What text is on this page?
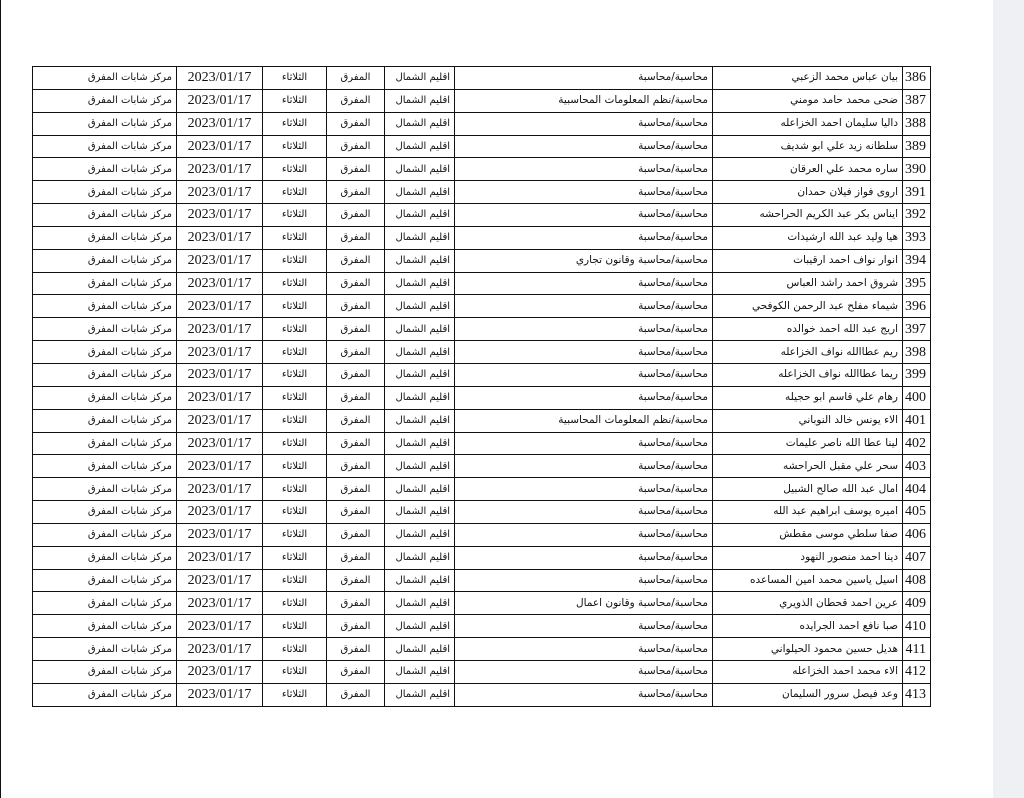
386	بيان عباس محمد الزعبي	محاسبة/محاسبة	اقليم الشمال	المفرق	الثلاثاء	2023/01/17	مركز شابات المفرق
387	ضحى محمد حامد مومني	محاسبة/نظم المعلومات المحاسبية	اقليم الشمال	المفرق	الثلاثاء	2023/01/17	مركز شابات المفرق
388	داليا سليمان احمد الخزاعله	محاسبة/محاسبة	اقليم الشمال	المفرق	الثلاثاء	2023/01/17	مركز شابات المفرق
389	سلطانه زيد علي ابو شديف	محاسبة/محاسبة	اقليم الشمال	المفرق	الثلاثاء	2023/01/17	مركز شابات المفرق
390	ساره محمد علي العرقان	محاسبة/محاسبة	اقليم الشمال	المفرق	الثلاثاء	2023/01/17	مركز شابات المفرق
391	اروى فواز فيلان حمدان	محاسبة/محاسبة	اقليم الشمال	المفرق	الثلاثاء	2023/01/17	مركز شابات المفرق
392	ايناس بكر عبد الكريم الحراحشه	محاسبة/محاسبة	اقليم الشمال	المفرق	الثلاثاء	2023/01/17	مركز شابات المفرق
393	هيا وليد عبد الله ارشيدات	محاسبة/محاسبة	اقليم الشمال	المفرق	الثلاثاء	2023/01/17	مركز شابات المفرق
394	انوار نواف احمد ارقيبات	محاسبة/محاسبة وقانون تجاري	اقليم الشمال	المفرق	الثلاثاء	2023/01/17	مركز شابات المفرق
395	شروق احمد راشد العباس	محاسبة/محاسبة	اقليم الشمال	المفرق	الثلاثاء	2023/01/17	مركز شابات المفرق
396	شيماء مفلح عبد الرحمن الكوفحي	محاسبة/محاسبة	اقليم الشمال	المفرق	الثلاثاء	2023/01/17	مركز شابات المفرق
397	اريج عبد الله احمد خوالده	محاسبة/محاسبة	اقليم الشمال	المفرق	الثلاثاء	2023/01/17	مركز شابات المفرق
398	ريم عطاالله نواف الخزاعله	محاسبة/محاسبة	اقليم الشمال	المفرق	الثلاثاء	2023/01/17	مركز شابات المفرق
399	ريما عطاالله نواف الخزاعله	محاسبة/محاسبة	اقليم الشمال	المفرق	الثلاثاء	2023/01/17	مركز شابات المفرق
400	رهام علي قاسم ابو حجيله	محاسبة/محاسبة	اقليم الشمال	المفرق	الثلاثاء	2023/01/17	مركز شابات المفرق
401	الاء يونس خالد النوباني	محاسبة/نظم المعلومات المحاسبية	اقليم الشمال	المفرق	الثلاثاء	2023/01/17	مركز شابات المفرق
402	لينا عطا الله ناصر عليمات	محاسبة/محاسبة	اقليم الشمال	المفرق	الثلاثاء	2023/01/17	مركز شابات المفرق
403	سحر علي مقبل الحراحشه	محاسبة/محاسبة	اقليم الشمال	المفرق	الثلاثاء	2023/01/17	مركز شابات المفرق
404	امال عبد الله صالح الشبيل	محاسبة/محاسبة	اقليم الشمال	المفرق	الثلاثاء	2023/01/17	مركز شابات المفرق
405	اميره يوسف ابراهيم عبد الله	محاسبة/محاسبة	اقليم الشمال	المفرق	الثلاثاء	2023/01/17	مركز شابات المفرق
406	صفا سلطي موسى مقطش	محاسبة/محاسبة	اقليم الشمال	المفرق	الثلاثاء	2023/01/17	مركز شابات المفرق
407	دينا احمد منصور النهود	محاسبة/محاسبة	اقليم الشمال	المفرق	الثلاثاء	2023/01/17	مركز شابات المفرق
408	اسيل ياسين محمد امين المساعده	محاسبة/محاسبة	اقليم الشمال	المفرق	الثلاثاء	2023/01/17	مركز شابات المفرق
409	عرين احمد قحطان الذويري	محاسبة/محاسبة وقانون اعمال	اقليم الشمال	المفرق	الثلاثاء	2023/01/17	مركز شابات المفرق
410	صبا نافع احمد الجرايده	محاسبة/محاسبة	اقليم الشمال	المفرق	الثلاثاء	2023/01/17	مركز شابات المفرق
411	هديل حسين محمود الحيلواني	محاسبة/محاسبة	اقليم الشمال	المفرق	الثلاثاء	2023/01/17	مركز شابات المفرق
412	الاء محمد احمد الخزاعله	محاسبة/محاسبة	اقليم الشمال	المفرق	الثلاثاء	2023/01/17	مركز شابات المفرق
413	وعد فيصل سرور السليمان	محاسبة/محاسبة	اقليم الشمال	المفرق	الثلاثاء	2023/01/17	مركز شابات المفرق
